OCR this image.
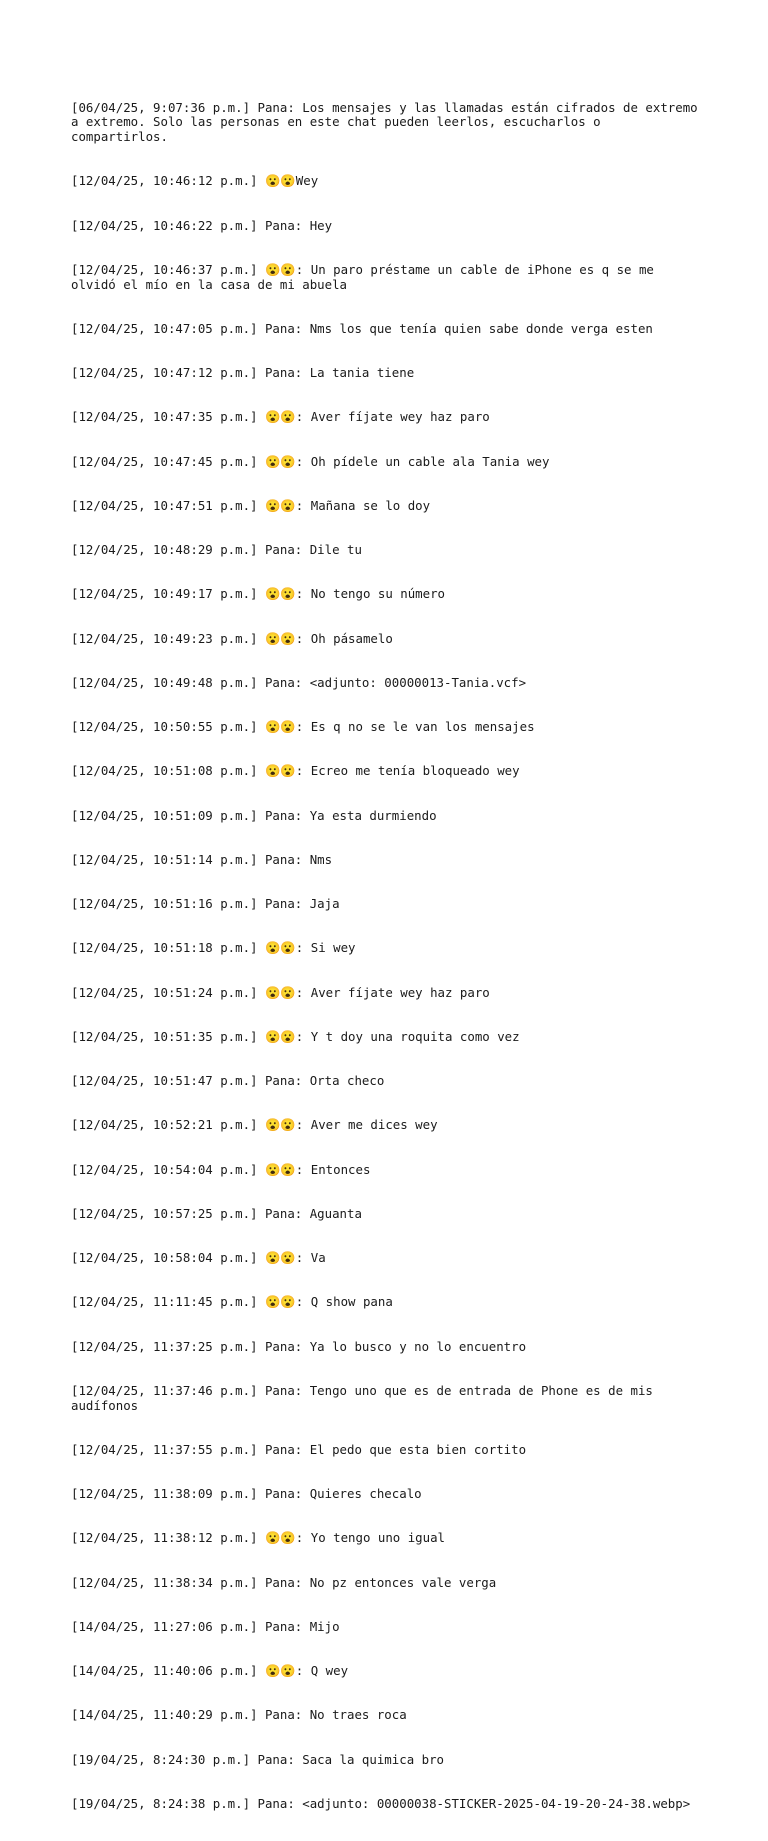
[06/04/25, 9:07:36 p.m.] Pana: Los mensajes y las llamadas están cifrados de extremo a extremo. Solo las personas en este chat pueden leerlos, escucharlos o compartirlos.

[12/04/25, 10:46:12 p.m.] 😮😮Wey

[12/04/25, 10:46:22 p.m.] Pana: Hey

[12/04/25, 10:46:37 p.m.] 😮😮: Un paro préstame un cable de iPhone es q se me olvidó el mío en la casa de mi abuela

[12/04/25, 10:47:05 p.m.] Pana: Nms los que tenía quien sabe donde verga esten

[12/04/25, 10:47:12 p.m.] Pana: La tania tiene

[12/04/25, 10:47:35 p.m.] 😮😮: Aver fíjate wey haz paro

[12/04/25, 10:47:45 p.m.] 😮😮: Oh pídele un cable ala Tania wey

[12/04/25, 10:47:51 p.m.] 😮😮: Mañana se lo doy

[12/04/25, 10:48:29 p.m.] Pana: Dile tu

[12/04/25, 10:49:17 p.m.] 😮😮: No tengo su número

[12/04/25, 10:49:23 p.m.] 😮😮: Oh pásamelo

[12/04/25, 10:49:48 p.m.] Pana: <adjunto: 00000013-Tania.vcf>

[12/04/25, 10:50:55 p.m.] 😮😮: Es q no se le van los mensajes

[12/04/25, 10:51:08 p.m.] 😮😮: Ecreo me tenía bloqueado wey

[12/04/25, 10:51:09 p.m.] Pana: Ya esta durmiendo

[12/04/25, 10:51:14 p.m.] Pana: Nms

[12/04/25, 10:51:16 p.m.] Pana: Jaja

[12/04/25, 10:51:18 p.m.] 😮😮: Si wey

[12/04/25, 10:51:24 p.m.] 😮😮: Aver fíjate wey haz paro

[12/04/25, 10:51:35 p.m.] 😮😮: Y t doy una roquita como vez

[12/04/25, 10:51:47 p.m.] Pana: Orta checo

[12/04/25, 10:52:21 p.m.] 😮😮: Aver me dices wey

[12/04/25, 10:54:04 p.m.] 😮😮: Entonces

[12/04/25, 10:57:25 p.m.] Pana: Aguanta

[12/04/25, 10:58:04 p.m.] 😮😮: Va

[12/04/25, 11:11:45 p.m.] 😮😮: Q show pana

[12/04/25, 11:37:25 p.m.] Pana: Ya lo busco y no lo encuentro

[12/04/25, 11:37:46 p.m.] Pana: Tengo uno que es de entrada de Phone es de mis audífonos

[12/04/25, 11:37:55 p.m.] Pana: El pedo que esta bien cortito

[12/04/25, 11:38:09 p.m.] Pana: Quieres checalo

[12/04/25, 11:38:12 p.m.] 😮😮: Yo tengo uno igual

[12/04/25, 11:38:34 p.m.] Pana: No pz entonces vale verga

[14/04/25, 11:27:06 p.m.] Pana: Mijo

[14/04/25, 11:40:06 p.m.] 😮😮: Q wey

[14/04/25, 11:40:29 p.m.] Pana: No traes roca

[19/04/25, 8:24:30 p.m.] Pana: Saca la quimica bro

[19/04/25, 8:24:38 p.m.] Pana: <adjunto: 00000038-STICKER-2025-04-19-20-24-38.webp>
